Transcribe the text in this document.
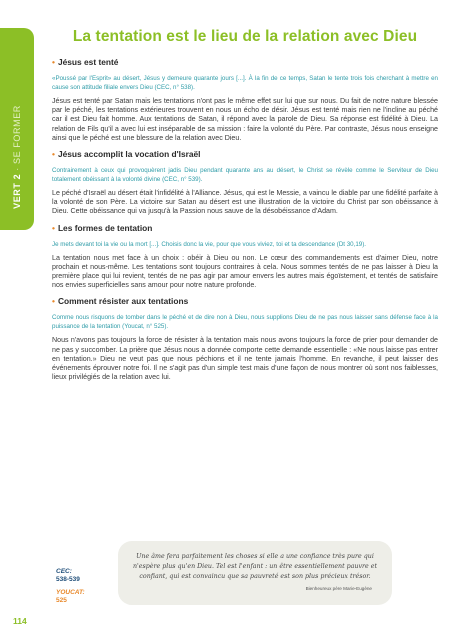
VERT 2 · SE FORMER
La tentation est le lieu de la relation avec Dieu
• Jésus est tenté

«Poussé par l'Esprit» au désert, Jésus y demeure quarante jours [...]. À la fin de ce temps, Satan le tente trois fois cherchant à mettre en cause son attitude filiale envers Dieu (CEC, n° 538).

Jésus est tenté par Satan mais les tentations n'ont pas le même effet sur lui que sur nous. Du fait de notre nature blessée par le péché, les tentations extérieures trouvent en nous un écho de désir. Jésus est tenté mais rien ne l'incline au péché car il est Dieu fait homme. Aux tentations de Satan, il répond avec la parole de Dieu. Sa réponse est fidélité à Dieu. La relation de Fils qu'il a avec lui est inséparable de sa mission : faire la volonté du Père. Par contraste, Jésus nous enseigne ainsi que le péché est une blessure de la relation avec Dieu.

• Jésus accomplit la vocation d'Israël

Contrairement à ceux qui provoquèrent jadis Dieu pendant quarante ans au désert, le Christ se révèle comme le Serviteur de Dieu totalement obéissant à la volonté divine (CEC, n° 539).

Le péché d'Israël au désert était l'infidélité à l'Alliance. Jésus, qui est le Messie, a vaincu le diable par une fidélité parfaite à la volonté de son Père. La victoire sur Satan au désert est une illustration de la victoire du Christ par son obéissance à Dieu. Cette obéissance qui va jusqu'à la Passion nous sauve de la désobéissance d'Adam.

• Les formes de tentation

Je mets devant toi la vie ou la mort [...]. Choisis donc la vie, pour que vous viviez, toi et ta descendance (Dt 30,19).

La tentation nous met face à un choix : obéir à Dieu ou non. Le cœur des commandements est d'aimer Dieu, notre prochain et nous-même. Les tentations sont toujours contraires à cela. Nous sommes tentés de ne pas laisser à Dieu la première place qui lui revient, tentés de ne pas agir par amour envers les autres mais égoïstement, et tentés de satisfaire nos envies superficielles sans amour pour notre nature profonde.

• Comment résister aux tentations

Comme nous risquons de tomber dans le péché et de dire non à Dieu, nous supplions Dieu de ne pas nous laisser sans défense face à la puissance de la tentation (Youcat, n° 525).

Nous n'avons pas toujours la force de résister à la tentation mais nous avons toujours la force de prier pour demander de ne pas y succomber. La prière que Jésus nous a donnée comporte cette demande essentielle : «Ne nous laisse pas entrer en tentation.» Dieu ne veut pas que nous péchions et il ne tente jamais l'homme. En revanche, il peut laisser des événements éprouver notre foi. Il ne s'agit pas d'un simple test mais d'une façon de nous montrer où sont nos faiblesses, lieux privilégiés de la relation avec lui.

CEC:
538-539
YOUCAT:
525

Une âme fera parfaitement les choses si elle a une confiance très pure qui n'espère plus qu'en Dieu. Tel est l'enfant : un être essentiellement pauvre et confiant, qui est convaincu que sa pauvreté est son plus précieux trésor.

Bienheureux père Marie-Eugène

114
